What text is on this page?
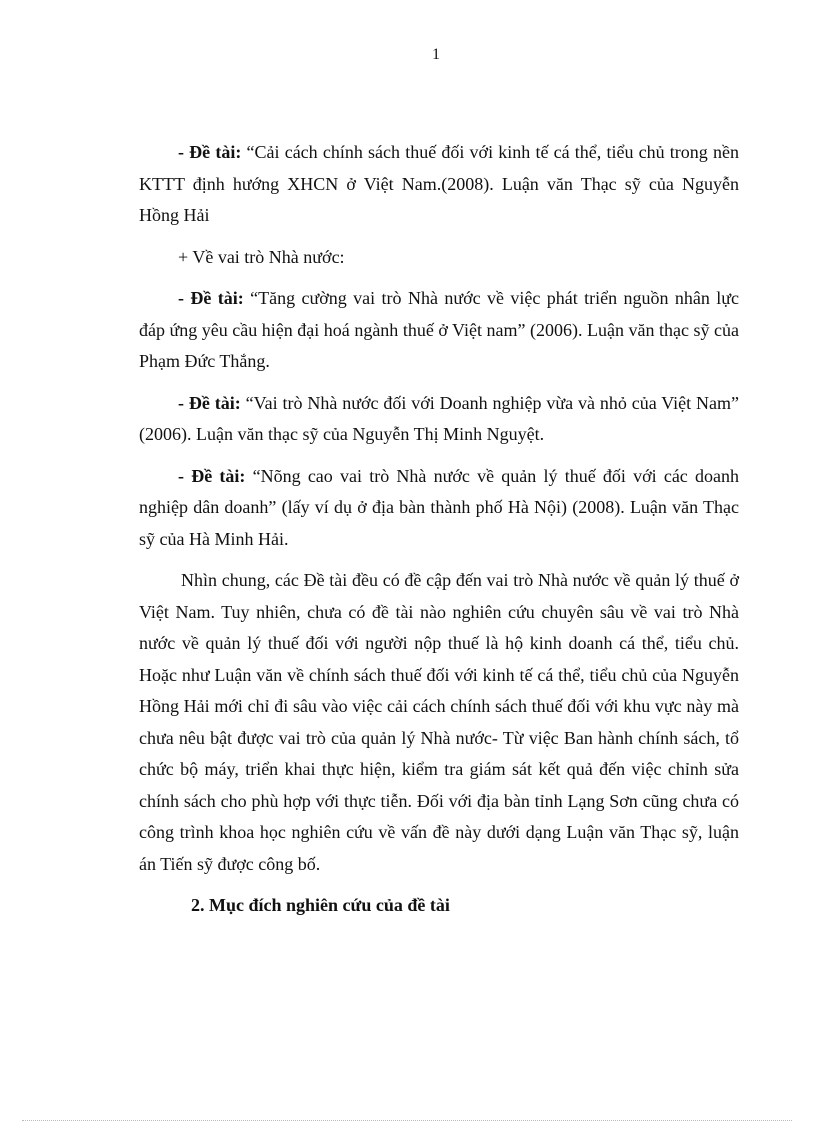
1

- Đề tài: “Cải cách chính sách thuế đối với kinh tế cá thể, tiểu chủ trong nền KTTT định hướng XHCN ở Việt Nam.(2008). Luận văn Thạc sỹ của Nguyễn Hồng Hải

+ Về vai trò Nhà nước:

- Đề tài: “Tăng cường vai trò Nhà nước về việc phát triển nguồn nhân lực đáp ứng yêu cầu hiện đại hoá ngành thuế ở Việt nam” (2006). Luận văn thạc sỹ của Phạm Đức Thắng.

- Đề tài: “Vai trò Nhà nước đối với Doanh nghiệp vừa và nhỏ của Việt Nam” (2006). Luận văn thạc sỹ của Nguyễn Thị Minh Nguyệt.

- Đề tài: “Nõng cao vai trò Nhà nước về quản lý thuế đối với các doanh nghiệp dân doanh” (lấy ví dụ ở địa bàn thành phố Hà Nội) (2008). Luận văn Thạc sỹ của Hà Minh Hải.

Nhìn chung, các Đề tài đều có đề cập đến vai trò Nhà nước về quản lý thuế ở Việt Nam. Tuy nhiên, chưa có đề tài nào nghiên cứu chuyên sâu về vai trò Nhà nước về quản lý thuế đối với người nộp thuế là hộ kinh doanh cá thể, tiểu chủ. Hoặc như Luận văn về chính sách thuế đối với kinh tế cá thể, tiểu chủ của Nguyễn Hồng Hải mới chỉ đi sâu vào việc cải cách chính sách thuế đối với khu vực này mà chưa nêu bật được vai trò của quản lý Nhà nước- Từ việc Ban hành chính sách, tổ chức bộ máy, triển khai thực hiện, kiểm tra giám sát kết quả đến việc chỉnh sửa chính sách cho phù hợp với thực tiễn. Đối với địa bàn tỉnh Lạng Sơn cũng chưa có công trình khoa học nghiên cứu về vấn đề này dưới dạng Luận văn Thạc sỹ, luận án Tiến sỹ được công bố.

2. Mục đích nghiên cứu của đề tài
